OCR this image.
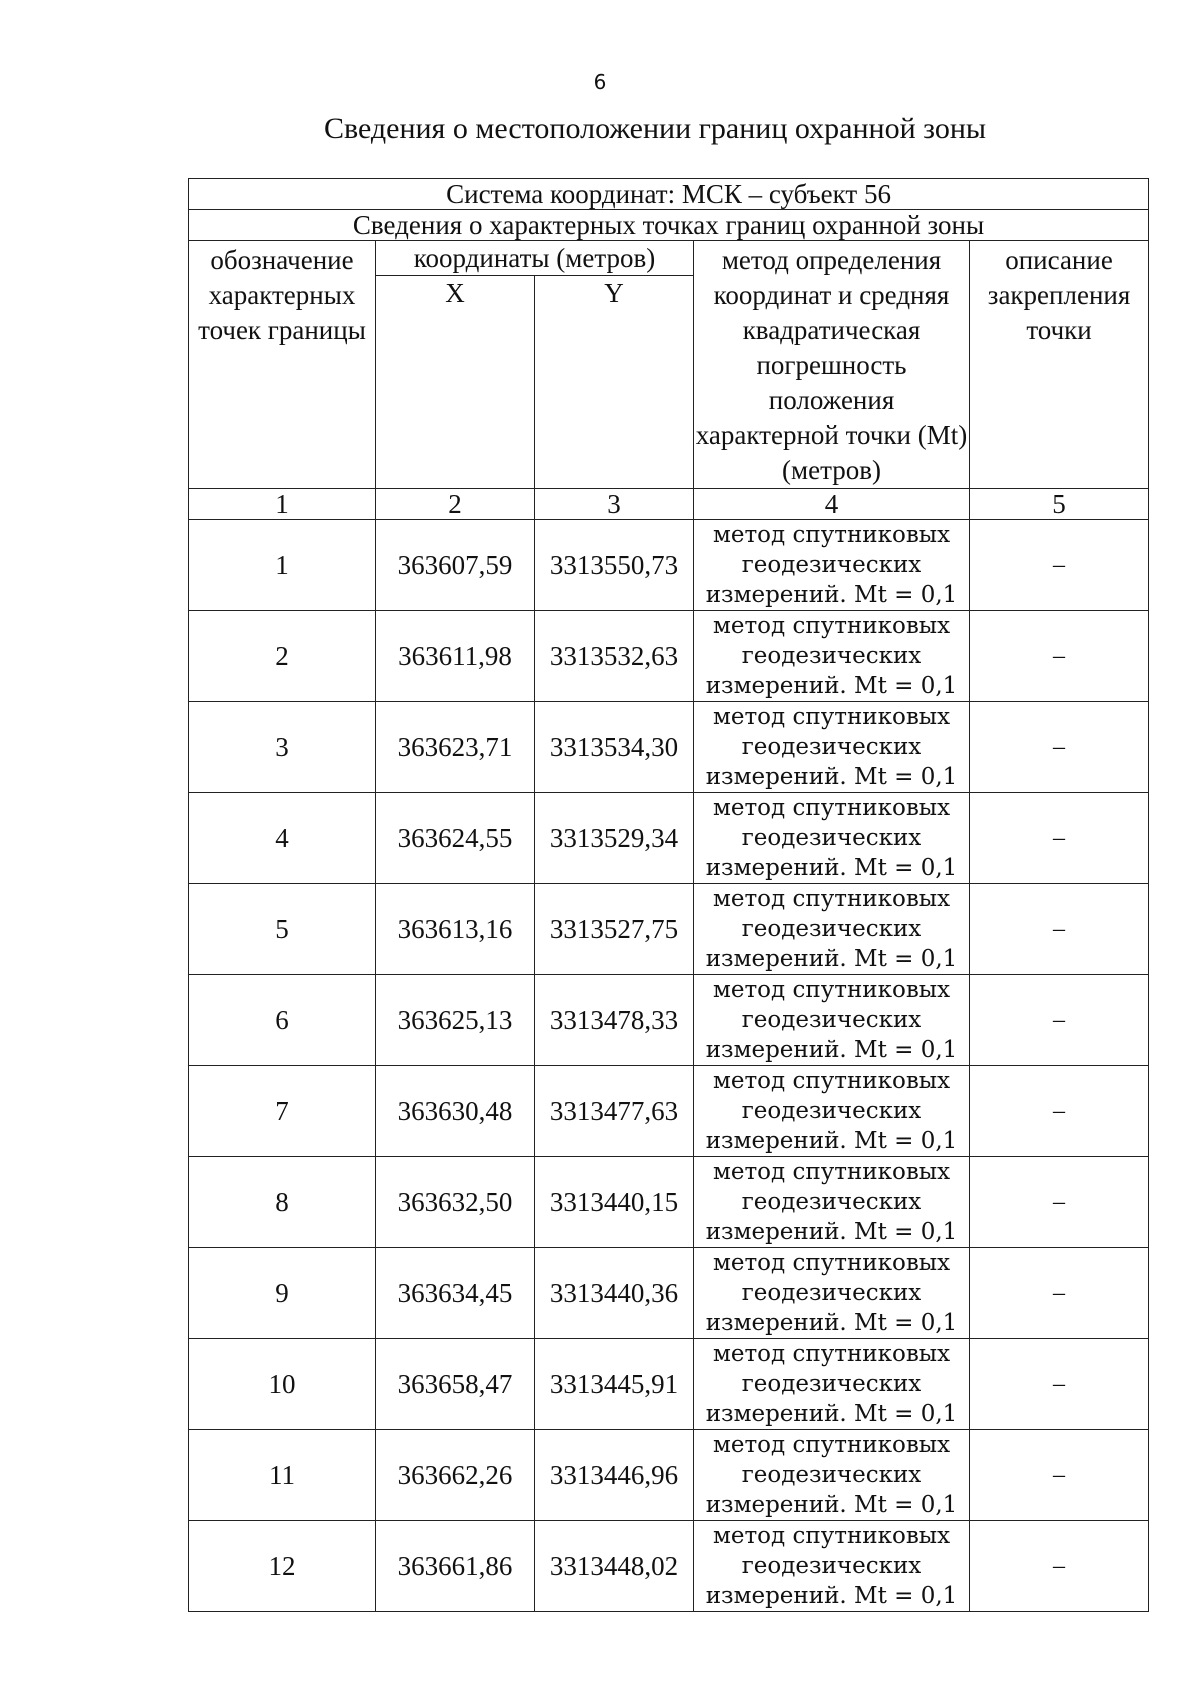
6
Сведения о местоположении границ охранной зоны
Система координат: МСК – субъект 56				
Сведения о характерных точках границ охранной зоны				
обозначение характерных точек границы	координаты (метров)		метод определения координат и средняя квадратическая погрешность положения характерной точки (Mt) (метров)	описание закрепления точки
	X	Y		
1	2	3	4	5
1	363607,59	3313550,73	метод спутниковых геодезических измерений. Mt = 0,1	–
2	363611,98	3313532,63	метод спутниковых геодезических измерений. Mt = 0,1	–
3	363623,71	3313534,30	метод спутниковых геодезических измерений. Mt = 0,1	–
4	363624,55	3313529,34	метод спутниковых геодезических измерений. Mt = 0,1	–
5	363613,16	3313527,75	метод спутниковых геодезических измерений. Mt = 0,1	–
6	363625,13	3313478,33	метод спутниковых геодезических измерений. Mt = 0,1	–
7	363630,48	3313477,63	метод спутниковых геодезических измерений. Mt = 0,1	–
8	363632,50	3313440,15	метод спутниковых геодезических измерений. Mt = 0,1	–
9	363634,45	3313440,36	метод спутниковых геодезических измерений. Mt = 0,1	–
10	363658,47	3313445,91	метод спутниковых геодезических измерений. Mt = 0,1	–
11	363662,26	3313446,96	метод спутниковых геодезических измерений. Mt = 0,1	–
12	363661,86	3313448,02	метод спутниковых геодезических измерений. Mt = 0,1	–
